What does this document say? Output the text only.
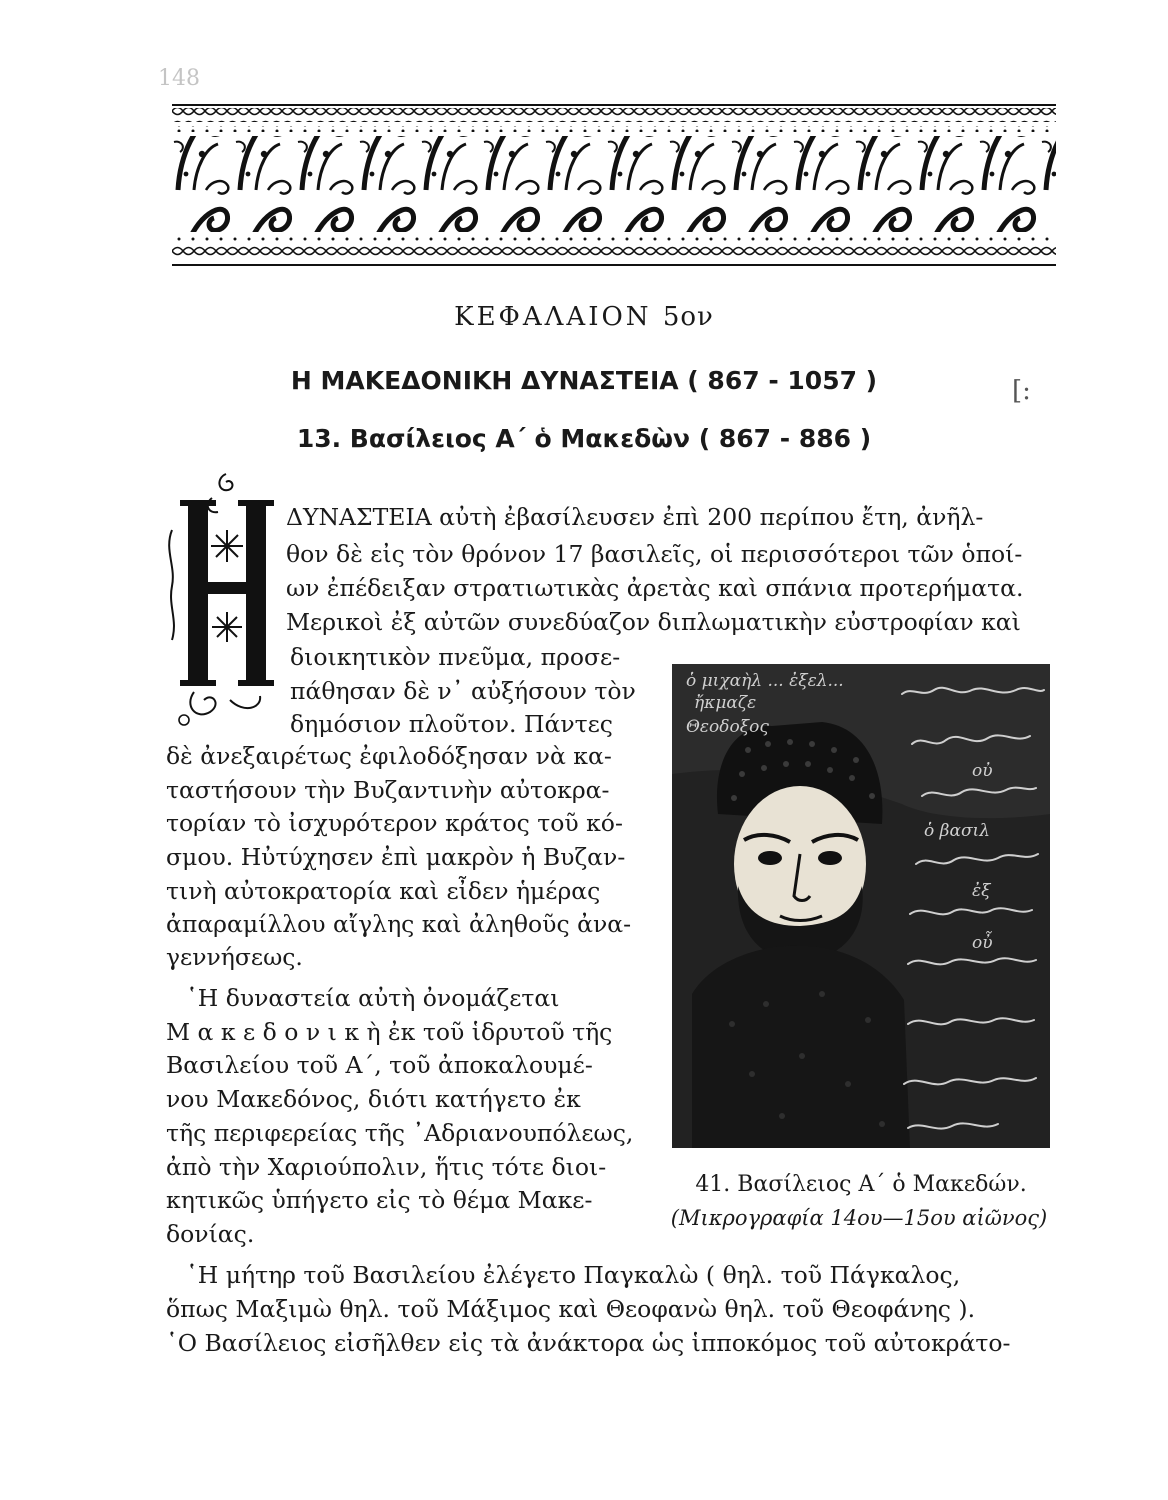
148
ΚΕΦΑΛΑΙΟΝ 5ον
Η ΜΑΚΕΔΟΝΙΚΗ ΔΥΝΑΣΤΕΙΑ ( 867 - 1057 )
13. Βασίλειος Α΄ ὁ Μακεδὼν ( 867 - 886 )
[:
ΔΥΝΑΣΤΕΙΑ αὐτὴ ἐβασίλευσεν ἐπὶ 200 περίπου ἔτη, ἀνῆλ-
θον δὲ εἰς τὸν θρόνον 17 βασιλεῖς, οἱ περισσότεροι τῶν ὁποί-
ων ἐπέδειξαν στρατιωτικὰς ἀρετὰς καὶ σπάνια προτερήματα.
Μερικοὶ ἐξ αὐτῶν συνεδύαζον διπλωματικὴν εὐστροφίαν καὶ
διοικητικὸν πνεῦμα, προσε-
πάθησαν δὲ ν᾿ αὐξήσουν τὸν
δημόσιον πλοῦτον. Πάντες
δὲ ἀνεξαιρέτως ἐφιλοδόξησαν νὰ κα-
ταστήσουν τὴν Βυζαντινὴν αὐτοκρα-
τορίαν τὸ ἰσχυρότερον κράτος τοῦ κό-
σμου. Ηὐτύχησεν ἐπὶ μακρὸν ἡ Βυζαν-
τινὴ αὐτοκρατορία καὶ εἶδεν ἡμέρας
ἀπαραμίλλου αἴγλης καὶ ἀληθοῦς ἀνα-
γεννήσεως.
῾Η δυναστεία αὐτὴ ὀνομάζεται
Μ α κ ε δ ο ν ι κ ὴ ἐκ τοῦ ἱδρυτοῦ τῆς
Βασιλείου τοῦ Α΄, τοῦ ἀποκαλουμέ-
νου Μακεδόνος, διότι κατήγετο ἐκ
τῆς περιφερείας τῆς ᾿Αδριανουπόλεως,
ἀπὸ τὴν Χαριούπολιν, ἥτις τότε διοι-
κητικῶς ὑπήγετο εἰς τὸ θέμα Μακε-
δονίας.
῾Η μήτηρ τοῦ Βασιλείου ἐλέγετο Παγκαλὼ ( θηλ. τοῦ Πάγκαλος,
ὅπως Μαξιμὼ θηλ. τοῦ Μάξιμος καὶ Θεοφανὼ θηλ. τοῦ Θεοφάνης ).
῾Ο Βασίλειος εἰσῆλθεν εἰς τὰ ἀνάκτορα ὡς ἱπποκόμος τοῦ αὐτοκράτο-
ὁ μιχαὴλ ... ἐξελ...
ἤκμαζε
Θεοδοξος
οὐ
ὁ βασιλ
ἐξ
οὖ
41. Βασίλειος Α΄ ὁ Μακεδών.
(Μικρογραφία 14ου—15ου αἰῶνος)
